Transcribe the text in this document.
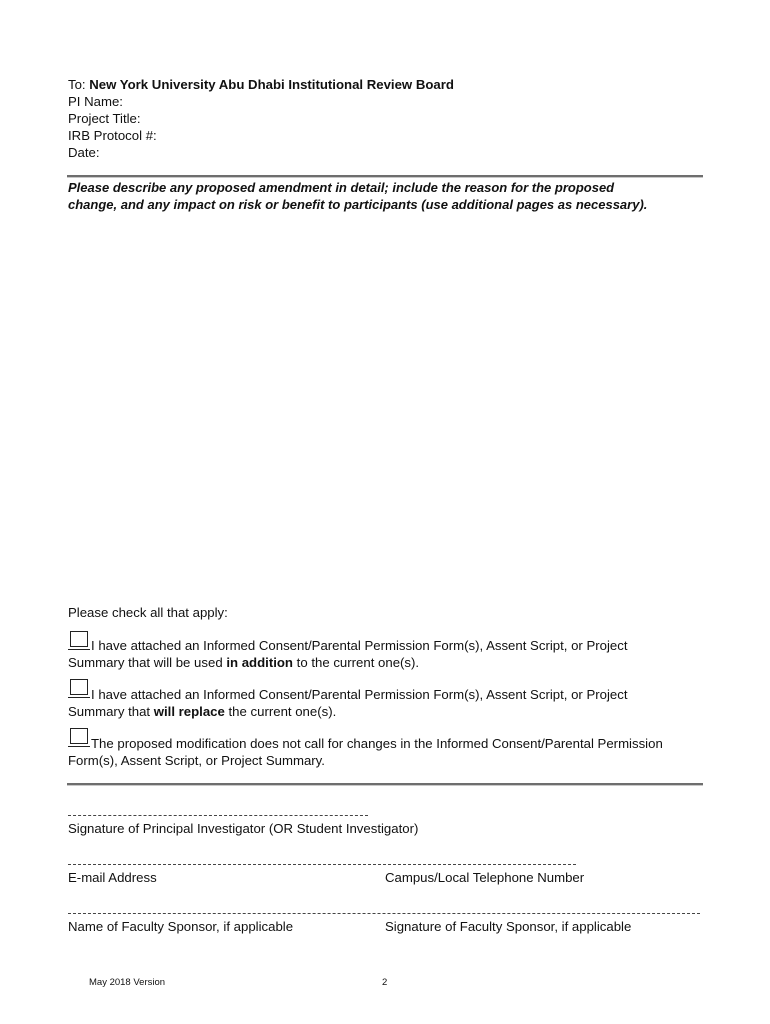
To: New York University Abu Dhabi Institutional Review Board
PI Name:
Project Title:
IRB Protocol #:
Date:
Please describe any proposed amendment in detail; include the reason for the proposed
change, and any impact on risk or benefit to participants (use additional pages as necessary).
Please check all that apply:
I have attached an Informed Consent/Parental Permission Form(s), Assent Script, or Project
Summary that will be used in addition to the current one(s).
I have attached an Informed Consent/Parental Permission Form(s), Assent Script, or Project
Summary that will replace the current one(s).
The proposed modification does not call for changes in the Informed Consent/Parental Permission
Form(s), Assent Script, or Project Summary.
Signature of Principal Investigator (OR Student Investigator)
E-mail Address	Campus/Local Telephone Number
Name of Faculty Sponsor, if applicable	Signature of Faculty Sponsor, if applicable
May 2018 Version	2
